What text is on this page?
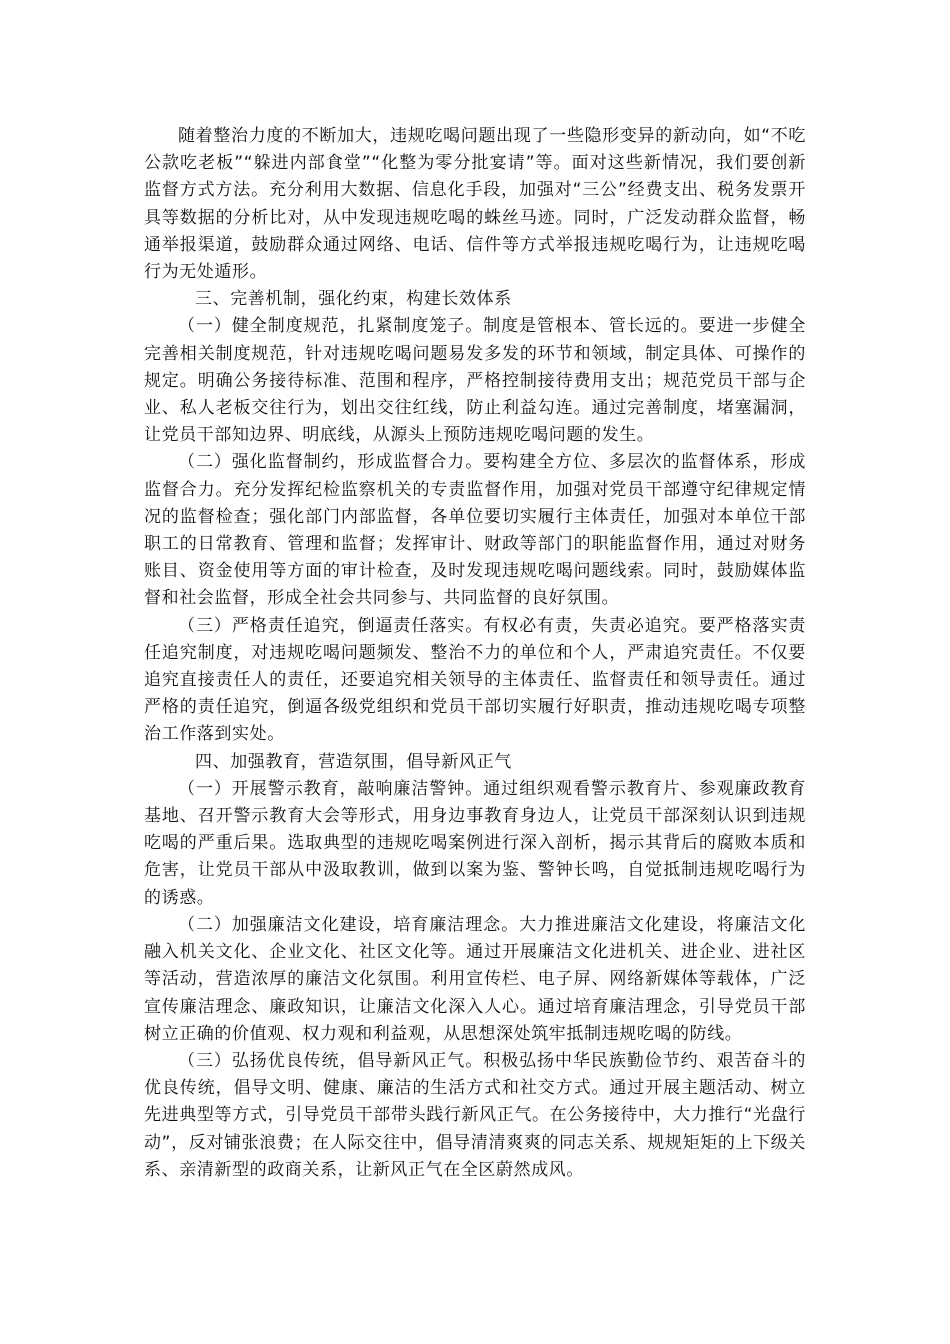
随着整治力度的不断加大，违规吃喝问题出现了一些隐形变异的新动向，如“不吃公款吃老板”“躲进内部食堂”“化整为零分批宴请”等。面对这些新情况，我们要创新监督方式方法。充分利用大数据、信息化手段，加强对“三公”经费支出、税务发票开具等数据的分析比对，从中发现违规吃喝的蛛丝马迹。同时，广泛发动群众监督，畅通举报渠道，鼓励群众通过网络、电话、信件等方式举报违规吃喝行为，让违规吃喝行为无处遁形。

三、完善机制，强化约束，构建长效体系

（一）健全制度规范，扎紧制度笼子。制度是管根本、管长远的。要进一步健全完善相关制度规范，针对违规吃喝问题易发多发的环节和领域，制定具体、可操作的规定。明确公务接待标准、范围和程序，严格控制接待费用支出；规范党员干部与企业、私人老板交往行为，划出交往红线，防止利益勾连。通过完善制度，堵塞漏洞，让党员干部知边界、明底线，从源头上预防违规吃喝问题的发生。

（二）强化监督制约，形成监督合力。要构建全方位、多层次的监督体系，形成监督合力。充分发挥纪检监察机关的专责监督作用，加强对党员干部遵守纪律规定情况的监督检查；强化部门内部监督，各单位要切实履行主体责任，加强对本单位干部职工的日常教育、管理和监督；发挥审计、财政等部门的职能监督作用，通过对财务账目、资金使用等方面的审计检查，及时发现违规吃喝问题线索。同时，鼓励媒体监督和社会监督，形成全社会共同参与、共同监督的良好氛围。

（三）严格责任追究，倒逼责任落实。有权必有责，失责必追究。要严格落实责任追究制度，对违规吃喝问题频发、整治不力的单位和个人，严肃追究责任。不仅要追究直接责任人的责任，还要追究相关领导的主体责任、监督责任和领导责任。通过严格的责任追究，倒逼各级党组织和党员干部切实履行好职责，推动违规吃喝专项整治工作落到实处。

四、加强教育，营造氛围，倡导新风正气

（一）开展警示教育，敲响廉洁警钟。通过组织观看警示教育片、参观廉政教育基地、召开警示教育大会等形式，用身边事教育身边人，让党员干部深刻认识到违规吃喝的严重后果。选取典型的违规吃喝案例进行深入剖析，揭示其背后的腐败本质和危害，让党员干部从中汲取教训，做到以案为鉴、警钟长鸣，自觉抵制违规吃喝行为的诱惑。

（二）加强廉洁文化建设，培育廉洁理念。大力推进廉洁文化建设，将廉洁文化融入机关文化、企业文化、社区文化等。通过开展廉洁文化进机关、进企业、进社区等活动，营造浓厚的廉洁文化氛围。利用宣传栏、电子屏、网络新媒体等载体，广泛宣传廉洁理念、廉政知识，让廉洁文化深入人心。通过培育廉洁理念，引导党员干部树立正确的价值观、权力观和利益观，从思想深处筑牢抵制违规吃喝的防线。

（三）弘扬优良传统，倡导新风正气。积极弘扬中华民族勤俭节约、艰苦奋斗的优良传统，倡导文明、健康、廉洁的生活方式和社交方式。通过开展主题活动、树立先进典型等方式，引导党员干部带头践行新风正气。在公务接待中，大力推行“光盘行动”，反对铺张浪费；在人际交往中，倡导清清爽爽的同志关系、规规矩矩的上下级关系、亲清新型的政商关系，让新风正气在全区蔚然成风。
